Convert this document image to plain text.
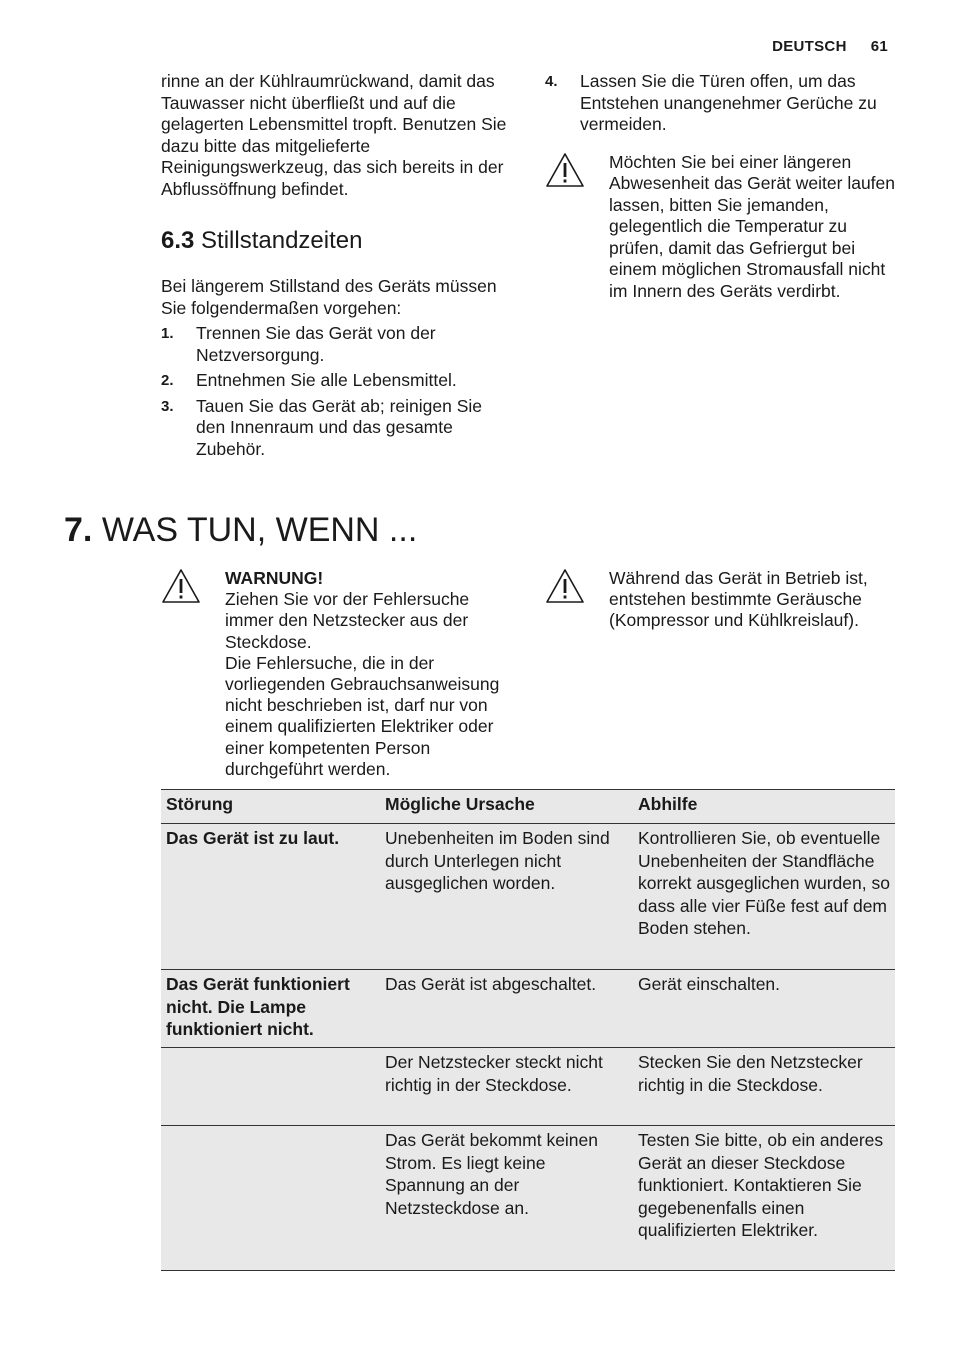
DEUTSCH 61

rinne an der Kühlraumrückwand, damit das Tauwasser nicht überfließt und auf die gelagerten Lebensmittel tropft. Benutzen Sie dazu bitte das mitgelieferte Reinigungswerkzeug, das sich bereits in der Abflussöffnung befindet.

6.3 Stillstandzeiten

Bei längerem Stillstand des Geräts müssen Sie folgendermaßen vorgehen:

1. Trennen Sie das Gerät von der Netzversorgung.
2. Entnehmen Sie alle Lebensmittel.
3. Tauen Sie das Gerät ab; reinigen Sie den Innenraum und das gesamte Zubehör.
4. Lassen Sie die Türen offen, um das Entstehen unangenehmer Gerüche zu vermeiden.

Möchten Sie bei einer längeren Abwesenheit das Gerät weiter laufen lassen, bitten Sie jemanden, gelegentlich die Temperatur zu prüfen, damit das Gefriergut bei einem möglichen Stromausfall nicht im Innern des Geräts verdirbt.

7. WAS TUN, WENN ...

WARNUNG!

Ziehen Sie vor der Fehlersuche immer den Netzstecker aus der Steckdose.

Die Fehlersuche, die in der vorliegenden Gebrauchsanweisung nicht beschrieben ist, darf nur von einem qualifizierten Elektriker oder einer kompetenten Person durchgeführt werden.

Während das Gerät in Betrieb ist, entstehen bestimmte Geräusche (Kompressor und Kühlkreislauf).

Störung	Mögliche Ursache	Abhilfe
Das Gerät ist zu laut.	Unebenheiten im Boden sind durch Unterlegen nicht ausgeglichen worden.	Kontrollieren Sie, ob eventuelle Unebenheiten der Standfläche korrekt ausgeglichen wurden, so dass alle vier Füße fest auf dem Boden stehen.
Das Gerät funktioniert nicht. Die Lampe funktioniert nicht.	Das Gerät ist abgeschaltet.	Gerät einschalten.
	Der Netzstecker steckt nicht richtig in der Steckdose.	Stecken Sie den Netzstecker richtig in die Steckdose.
	Das Gerät bekommt keinen Strom. Es liegt keine Spannung an der Netzsteckdose an.	Testen Sie bitte, ob ein anderes Gerät an dieser Steckdose funktioniert. Kontaktieren Sie gegebenenfalls einen qualifizierten Elektriker.
